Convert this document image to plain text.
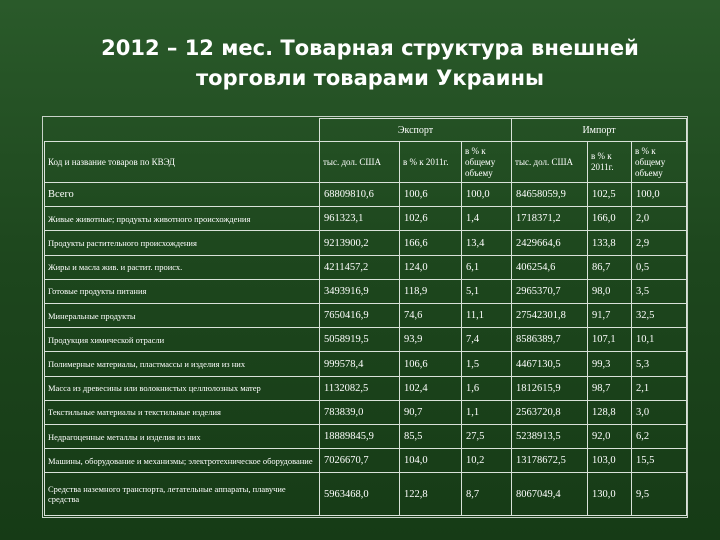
2012 – 12 мес. Товарная структура внешней
торговли товарами Украины
	Экспорт			Импорт		
Код и название товаров по КВЭД	тыс. дол. США	в % к 2011г.	в % к общему объему	тыс. дол. США	в % к 2011г.	в % к общему объему
Всего	68809810,6	100,6	100,0	84658059,9	102,5	100,0
Живые животные; продукты животного происхождения	961323,1	102,6	1,4	1718371,2	166,0	2,0
Продукты растительного происхождения	9213900,2	166,6	13,4	2429664,6	133,8	2,9
Жиры и масла жив. и растит. происх.	4211457,2	124,0	6,1	406254,6	86,7	0,5
Готовые продукты питания	3493916,9	118,9	5,1	2965370,7	98,0	3,5
Минеральные продукты	7650416,9	74,6	11,1	27542301,8	91,7	32,5
Продукция химической отрасли	5058919,5	93,9	7,4	8586389,7	107,1	10,1
Полимерные материалы, пластмассы и изделия из них	999578,4	106,6	1,5	4467130,5	99,3	5,3
Масса из древесины или волокнистых целлюлозных матер	1132082,5	102,4	1,6	1812615,9	98,7	2,1
Текстильные материалы и текстильные изделия	783839,0	90,7	1,1	2563720,8	128,8	3,0
Недрагоценные металлы и изделия из них	18889845,9	85,5	27,5	5238913,5	92,0	6,2
Машины, оборудование и механизмы; электротехническое оборудование	7026670,7	104,0	10,2	13178672,5	103,0	15,5
Средства наземного транспорта, летательные аппараты, плавучие средства	5963468,0	122,8	8,7	8067049,4	130,0	9,5
